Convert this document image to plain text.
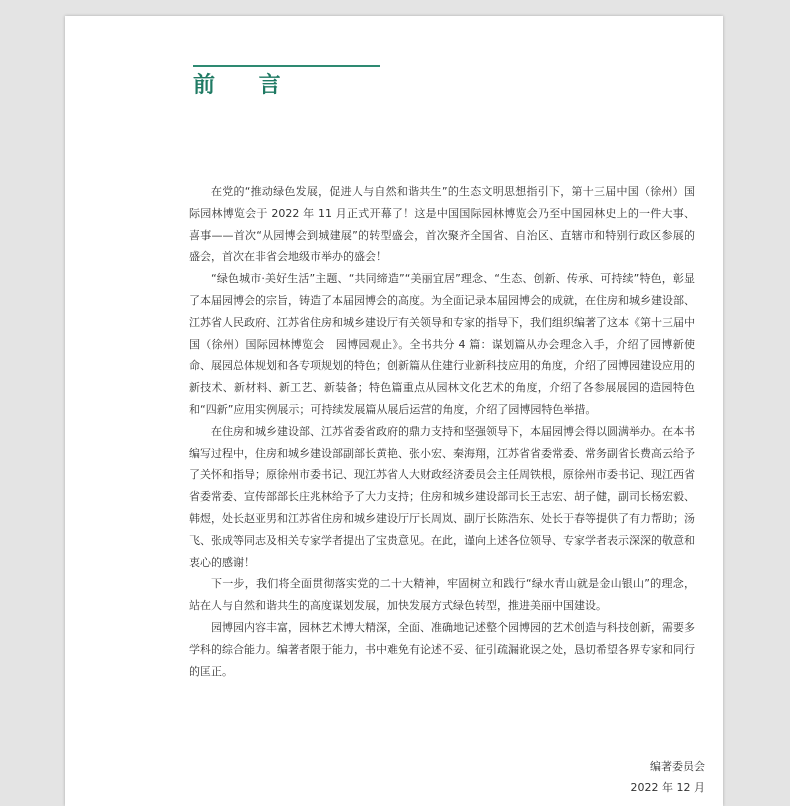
前 言

在党的“推动绿色发展，促进人与自然和谐共生”的生态文明思想指引下，第十三届中国（徐州）国际园林博览会于 2022 年 11 月正式开幕了！这是中国国际园林博览会乃至中国园林史上的一件大事、喜事——首次“从园博会到城建展”的转型盛会，首次聚齐全国省、自治区、直辖市和特别行政区参展的盛会，首次在非省会地级市举办的盛会！

“绿色城市·美好生活”主题、“共同缔造”“美丽宜居”理念、“生态、创新、传承、可持续”特色，彰显了本届园博会的宗旨，铸造了本届园博会的高度。为全面记录本届园博会的成就，在住房和城乡建设部、江苏省人民政府、江苏省住房和城乡建设厅有关领导和专家的指导下，我们组织编著了这本《第十三届中国（徐州）国际园林博览会　园博园观止》。全书共分 4 篇：谋划篇从办会理念入手，介绍了园博新使命、展园总体规划和各专项规划的特色；创新篇从住建行业新科技应用的角度，介绍了园博园建设应用的新技术、新材料、新工艺、新装备；特色篇重点从园林文化艺术的角度，介绍了各参展展园的造园特色和“四新”应用实例展示；可持续发展篇从展后运营的角度，介绍了园博园特色举措。

在住房和城乡建设部、江苏省委省政府的鼎力支持和坚强领导下，本届园博会得以圆满举办。在本书编写过程中，住房和城乡建设部副部长黄艳、张小宏、秦海翔，江苏省省委常委、常务副省长费高云给予了关怀和指导；原徐州市委书记、现江苏省人大财政经济委员会主任周铁根，原徐州市委书记、现江西省省委常委、宣传部部长庄兆林给予了大力支持；住房和城乡建设部司长王志宏、胡子健，副司长杨宏毅、韩煜，处长赵亚男和江苏省住房和城乡建设厅厅长周岚、副厅长陈浩东、处长于春等提供了有力帮助；汤飞、张成等同志及相关专家学者提出了宝贵意见。在此，谨向上述各位领导、专家学者表示深深的敬意和衷心的感谢！

下一步，我们将全面贯彻落实党的二十大精神，牢固树立和践行“绿水青山就是金山银山”的理念，站在人与自然和谐共生的高度谋划发展，加快发展方式绿色转型，推进美丽中国建设。

园博园内容丰富，园林艺术博大精深，全面、准确地记述整个园博园的艺术创造与科技创新，需要多学科的综合能力。编著者限于能力，书中难免有论述不妥、征引疏漏讹误之处，恳切希望各界专家和同行的匡正。

编著委员会
2022 年 12 月
